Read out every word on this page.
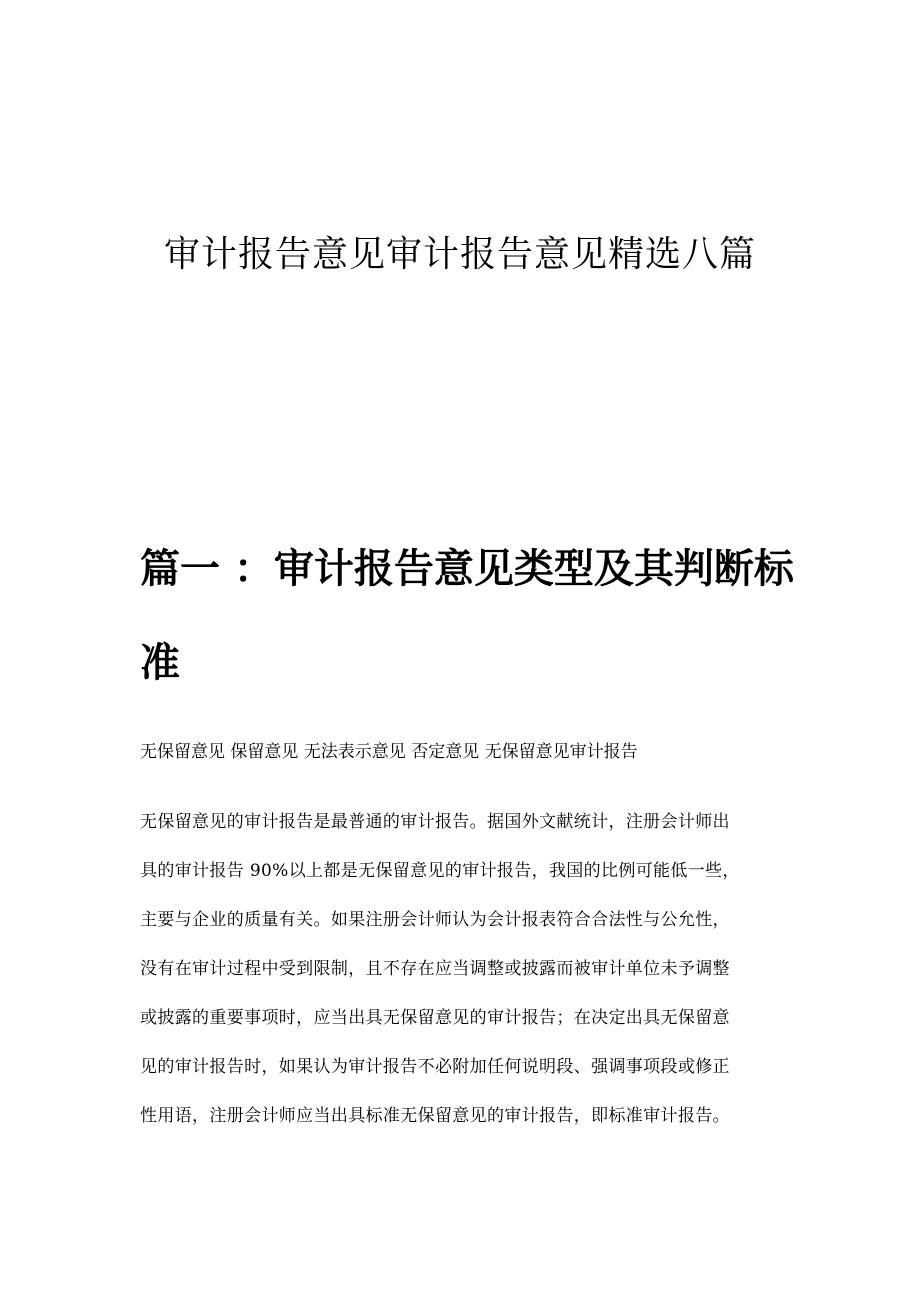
审计报告意见审计报告意见精选八篇
篇一 ：审计报告意见类型及其判断标
准
无保留意见 保留意见 无法表示意见 否定意见 无保留意见审计报告
无保留意见的审计报告是最普通的审计报告。据国外文献统计，注册会计师出
具的审计报告 90%以上都是无保留意见的审计报告，我国的比例可能低一些，
主要与企业的质量有关。如果注册会计师认为会计报表符合合法性与公允性，
没有在审计过程中受到限制，且不存在应当调整或披露而被审计单位未予调整
或披露的重要事项时，应当出具无保留意见的审计报告；在决定出具无保留意
见的审计报告时，如果认为审计报告不必附加任何说明段、强调事项段或修正
性用语，注册会计师应当出具标准无保留意见的审计报告，即标准审计报告。
